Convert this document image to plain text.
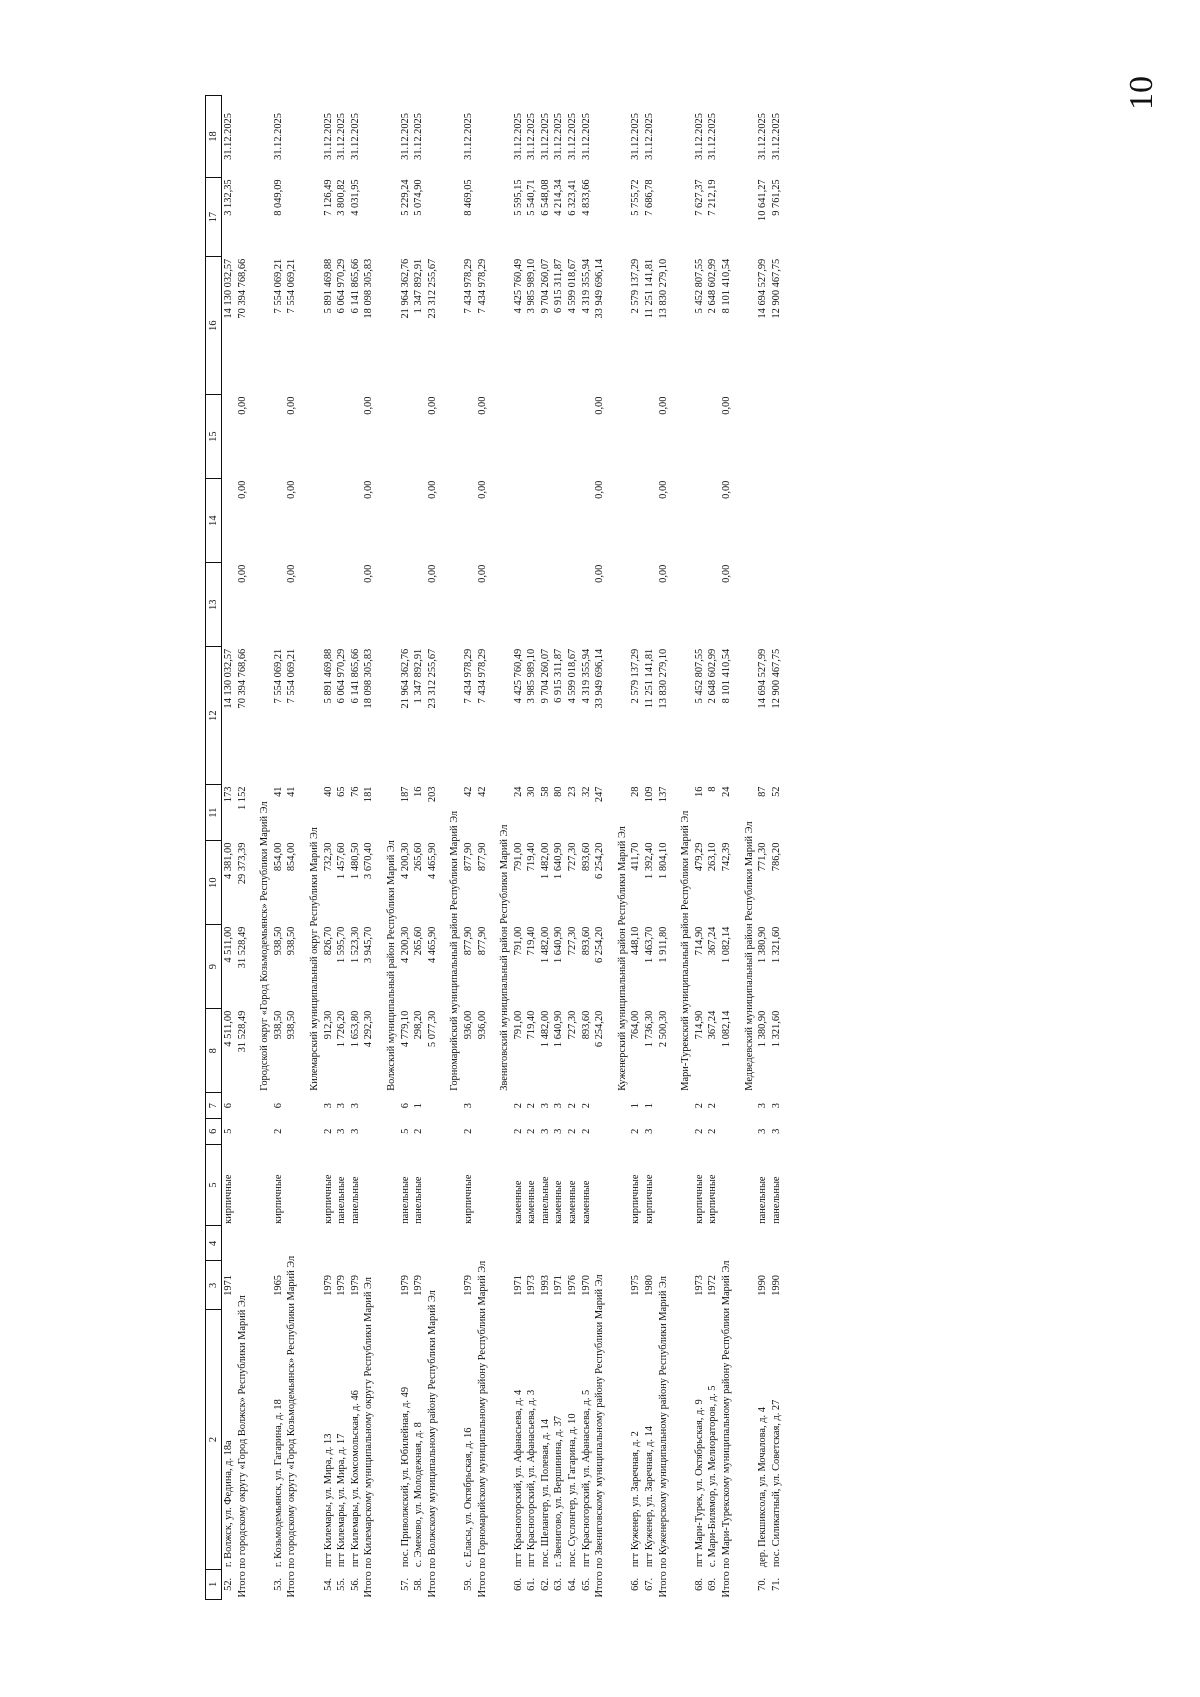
10
1	2	3	4	5	6	7	8	9	10	11	12	13	14	15	16	17	18
52.	г. Волжск, ул. Федина, д. 18а	1971		кирпичные	5	6	4 511,00	4 511,00	4 381,00	173	14 130 032,57				14 130 032,57	3 132,35	31.12.2025
Итого по городскому округу «Город Волжск» Республики Марий Эл							31 528,49	31 528,49	29 373,39	1 152	70 394 768,66	0,00	0,00	0,00	70 394 768,66		

							Городской округ «Город Козьмодемьянск» Республики Марий Эл										
53.	г. Козьмодемьянск, ул. Гагарина, д. 18	1965		кирпичные	2	6	938,50	938,50	854,00	41	7 554 069,21				7 554 069,21	8 049,09	31.12.2025
Итого по городскому округу «Город Козьмодемьянск» Республики Марий Эл							938,50	938,50	854,00	41	7 554 069,21	0,00	0,00	0,00	7 554 069,21		

							Килемарский муниципальный округ Республики Марий Эл										
54.	пгт Килемары, ул. Мира, д. 13	1979		кирпичные	2	3	912,30	826,70	732,30	40	5 891 469,88				5 891 469,88	7 126,49	31.12.2025
55.	пгт Килемары, ул. Мира, д. 17	1979		панельные	3	3	1 726,20	1 595,70	1 457,60	65	6 064 970,29				6 064 970,29	3 800,82	31.12.2025
56.	пгт Килемары, ул. Комсомольская, д. 46	1979		панельные	3	3	1 653,80	1 523,30	1 480,50	76	6 141 865,66				6 141 865,66	4 031,95	31.12.2025
Итого по Килемарскому муниципальному округу Республики Марий Эл							4 292,30	3 945,70	3 670,40	181	18 098 305,83	0,00	0,00	0,00	18 098 305,83		

							Волжский муниципальный район Республики Марий Эл										
57.	пос. Приволжский, ул. Юбилейная, д. 49	1979		панельные	5	6	4 779,10	4 200,30	4 200,30	187	21 964 362,76				21 964 362,76	5 229,24	31.12.2025
58.	с. Эмеково, ул. Молодежная, д. 8	1979		панельные	2	1	298,20	265,60	265,60	16	1 347 892,91				1 347 892,91	5 074,90	31.12.2025
Итого по Волжскому муниципальному району Республики Марий Эл							5 077,30	4 465,90	4 465,90	203	23 312 255,67	0,00	0,00	0,00	23 312 255,67		

							Горномарийский муниципальный район Республики Марий Эл										
59.	с. Еласы, ул. Октябрьская, д. 16	1979		кирпичные	2	3	936,00	877,90	877,90	42	7 434 978,29				7 434 978,29	8 469,05	31.12.2025
Итого по Горномарийскому муниципальному району Республики Марий Эл							936,00	877,90	877,90	42	7 434 978,29	0,00	0,00	0,00	7 434 978,29		

							Звениговский муниципальный район Республики Марий Эл										
60.	пгт Красногорский, ул. Афанасьева, д. 4	1971		каменные	2	2	791,00	791,00	791,00	24	4 425 760,49				4 425 760,49	5 595,15	31.12.2025
61.	пгт Красногорский, ул. Афанасьева, д. 3	1973		каменные	2	2	719,40	719,40	719,40	30	3 985 989,10				3 985 989,10	5 540,71	31.12.2025
62.	пос. Шелангер, ул. Полевая, д. 14	1993		панельные	3	3	1 482,00	1 482,00	1 482,00	58	9 704 260,07				9 704 260,07	6 548,08	31.12.2025
63.	г. Звенигово, ул. Вершинина, д. 37	1971		каменные	3	3	1 640,90	1 640,90	1 640,90	80	6 915 311,87				6 915 311,87	4 214,34	31.12.2025
64.	пос. Суслонгер, ул. Гагарина, д. 10	1976		каменные	2	2	727,30	727,30	727,30	23	4 599 018,67				4 599 018,67	6 323,41	31.12.2025
65.	пгт Красногорский, ул. Афанасьева, д. 5	1970		каменные	2	2	893,60	893,60	893,60	32	4 319 355,94				4 319 355,94	4 833,66	31.12.2025
Итого по Звениговскому муниципальному району Республики Марий Эл							6 254,20	6 254,20	6 254,20	247	33 949 696,14	0,00	0,00	0,00	33 949 696,14		

							Куженерский муниципальный район Республики Марий Эл										
66.	пгт Куженер, ул. Заречная, д. 2	1975		кирпичные	2	1	764,00	448,10	411,70	28	2 579 137,29				2 579 137,29	5 755,72	31.12.2025
67.	пгт Куженер, ул. Заречная, д. 14	1980		кирпичные	3	1	1 736,30	1 463,70	1 392,40	109	11 251 141,81				11 251 141,81	7 686,78	31.12.2025
Итого по Куженерскому муниципальному району Республики Марий Эл							2 500,30	1 911,80	1 804,10	137	13 830 279,10	0,00	0,00	0,00	13 830 279,10		

							Мари-Турекский муниципальный район Республики Марий Эл										
68.	пгт Мари-Турек, ул. Октябрьская, д. 9	1973		кирпичные	2	2	714,90	714,90	479,29	16	5 452 807,55				5 452 807,55	7 627,37	31.12.2025
69.	с. Мари-Билямор, ул. Мелиораторов, д. 5	1972		кирпичные	2	2	367,24	367,24	263,10	8	2 648 602,99				2 648 602,99	7 212,19	31.12.2025
Итого по Мари-Турекскому муниципальному району Республики Марий Эл							1 082,14	1 082,14	742,39	24	8 101 410,54	0,00	0,00	0,00	8 101 410,54		

							Медведевский муниципальный район Республики Марий Эл										
70.	дер. Пекшиксола, ул. Мочалова, д. 4	1990		панельные	3	3	1 380,90	1 380,90	771,30	87	14 694 527,99				14 694 527,99	10 641,27	31.12.2025
71.	пос. Силикатный, ул. Советская, д. 27	1990		панельные	3	3	1 321,60	1 321,60	786,20	52	12 900 467,75				12 900 467,75	9 761,25	31.12.2025
